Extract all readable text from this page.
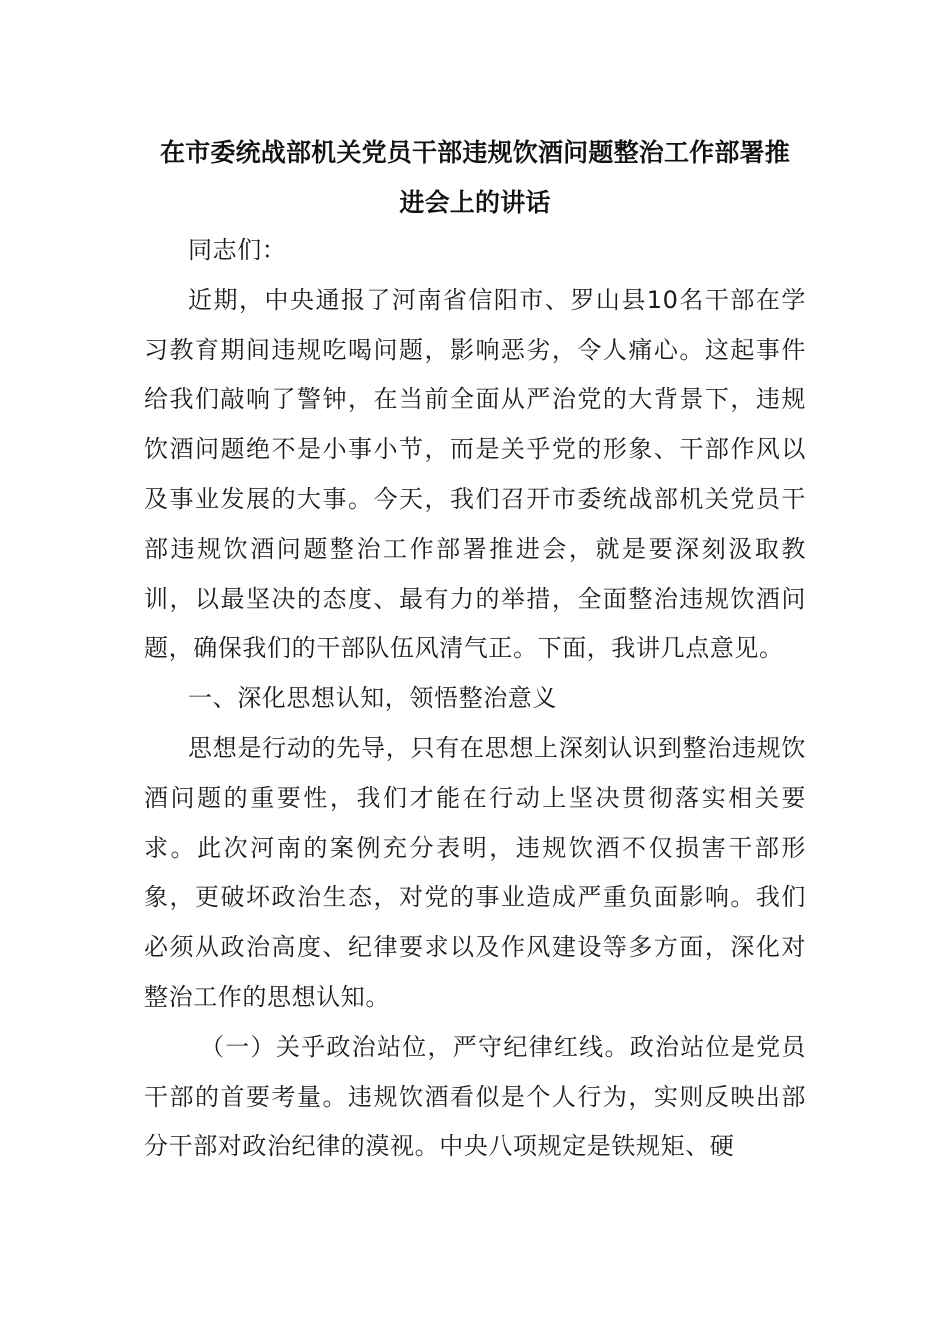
在市委统战部机关党员干部违规饮酒问题整治工作部署推
进会上的讲话

同志们：

近期，中央通报了河南省信阳市、罗山县10名干部在学习教育期间违规吃喝问题，影响恶劣，令人痛心。这起事件给我们敲响了警钟，在当前全面从严治党的大背景下，违规饮酒问题绝不是小事小节，而是关乎党的形象、干部作风以及事业发展的大事。今天，我们召开市委统战部机关党员干部违规饮酒问题整治工作部署推进会，就是要深刻汲取教训，以最坚决的态度、最有力的举措，全面整治违规饮酒问题，确保我们的干部队伍风清气正。下面，我讲几点意见。

一、深化思想认知，领悟整治意义

思想是行动的先导，只有在思想上深刻认识到整治违规饮酒问题的重要性，我们才能在行动上坚决贯彻落实相关要求。此次河南的案例充分表明，违规饮酒不仅损害干部形象，更破坏政治生态，对党的事业造成严重负面影响。我们必须从政治高度、纪律要求以及作风建设等多方面，深化对整治工作的思想认知。

（一）关乎政治站位，严守纪律红线。政治站位是党员干部的首要考量。违规饮酒看似是个人行为，实则反映出部分干部对政治纪律的漠视。中央八项规定是铁规矩、硬
